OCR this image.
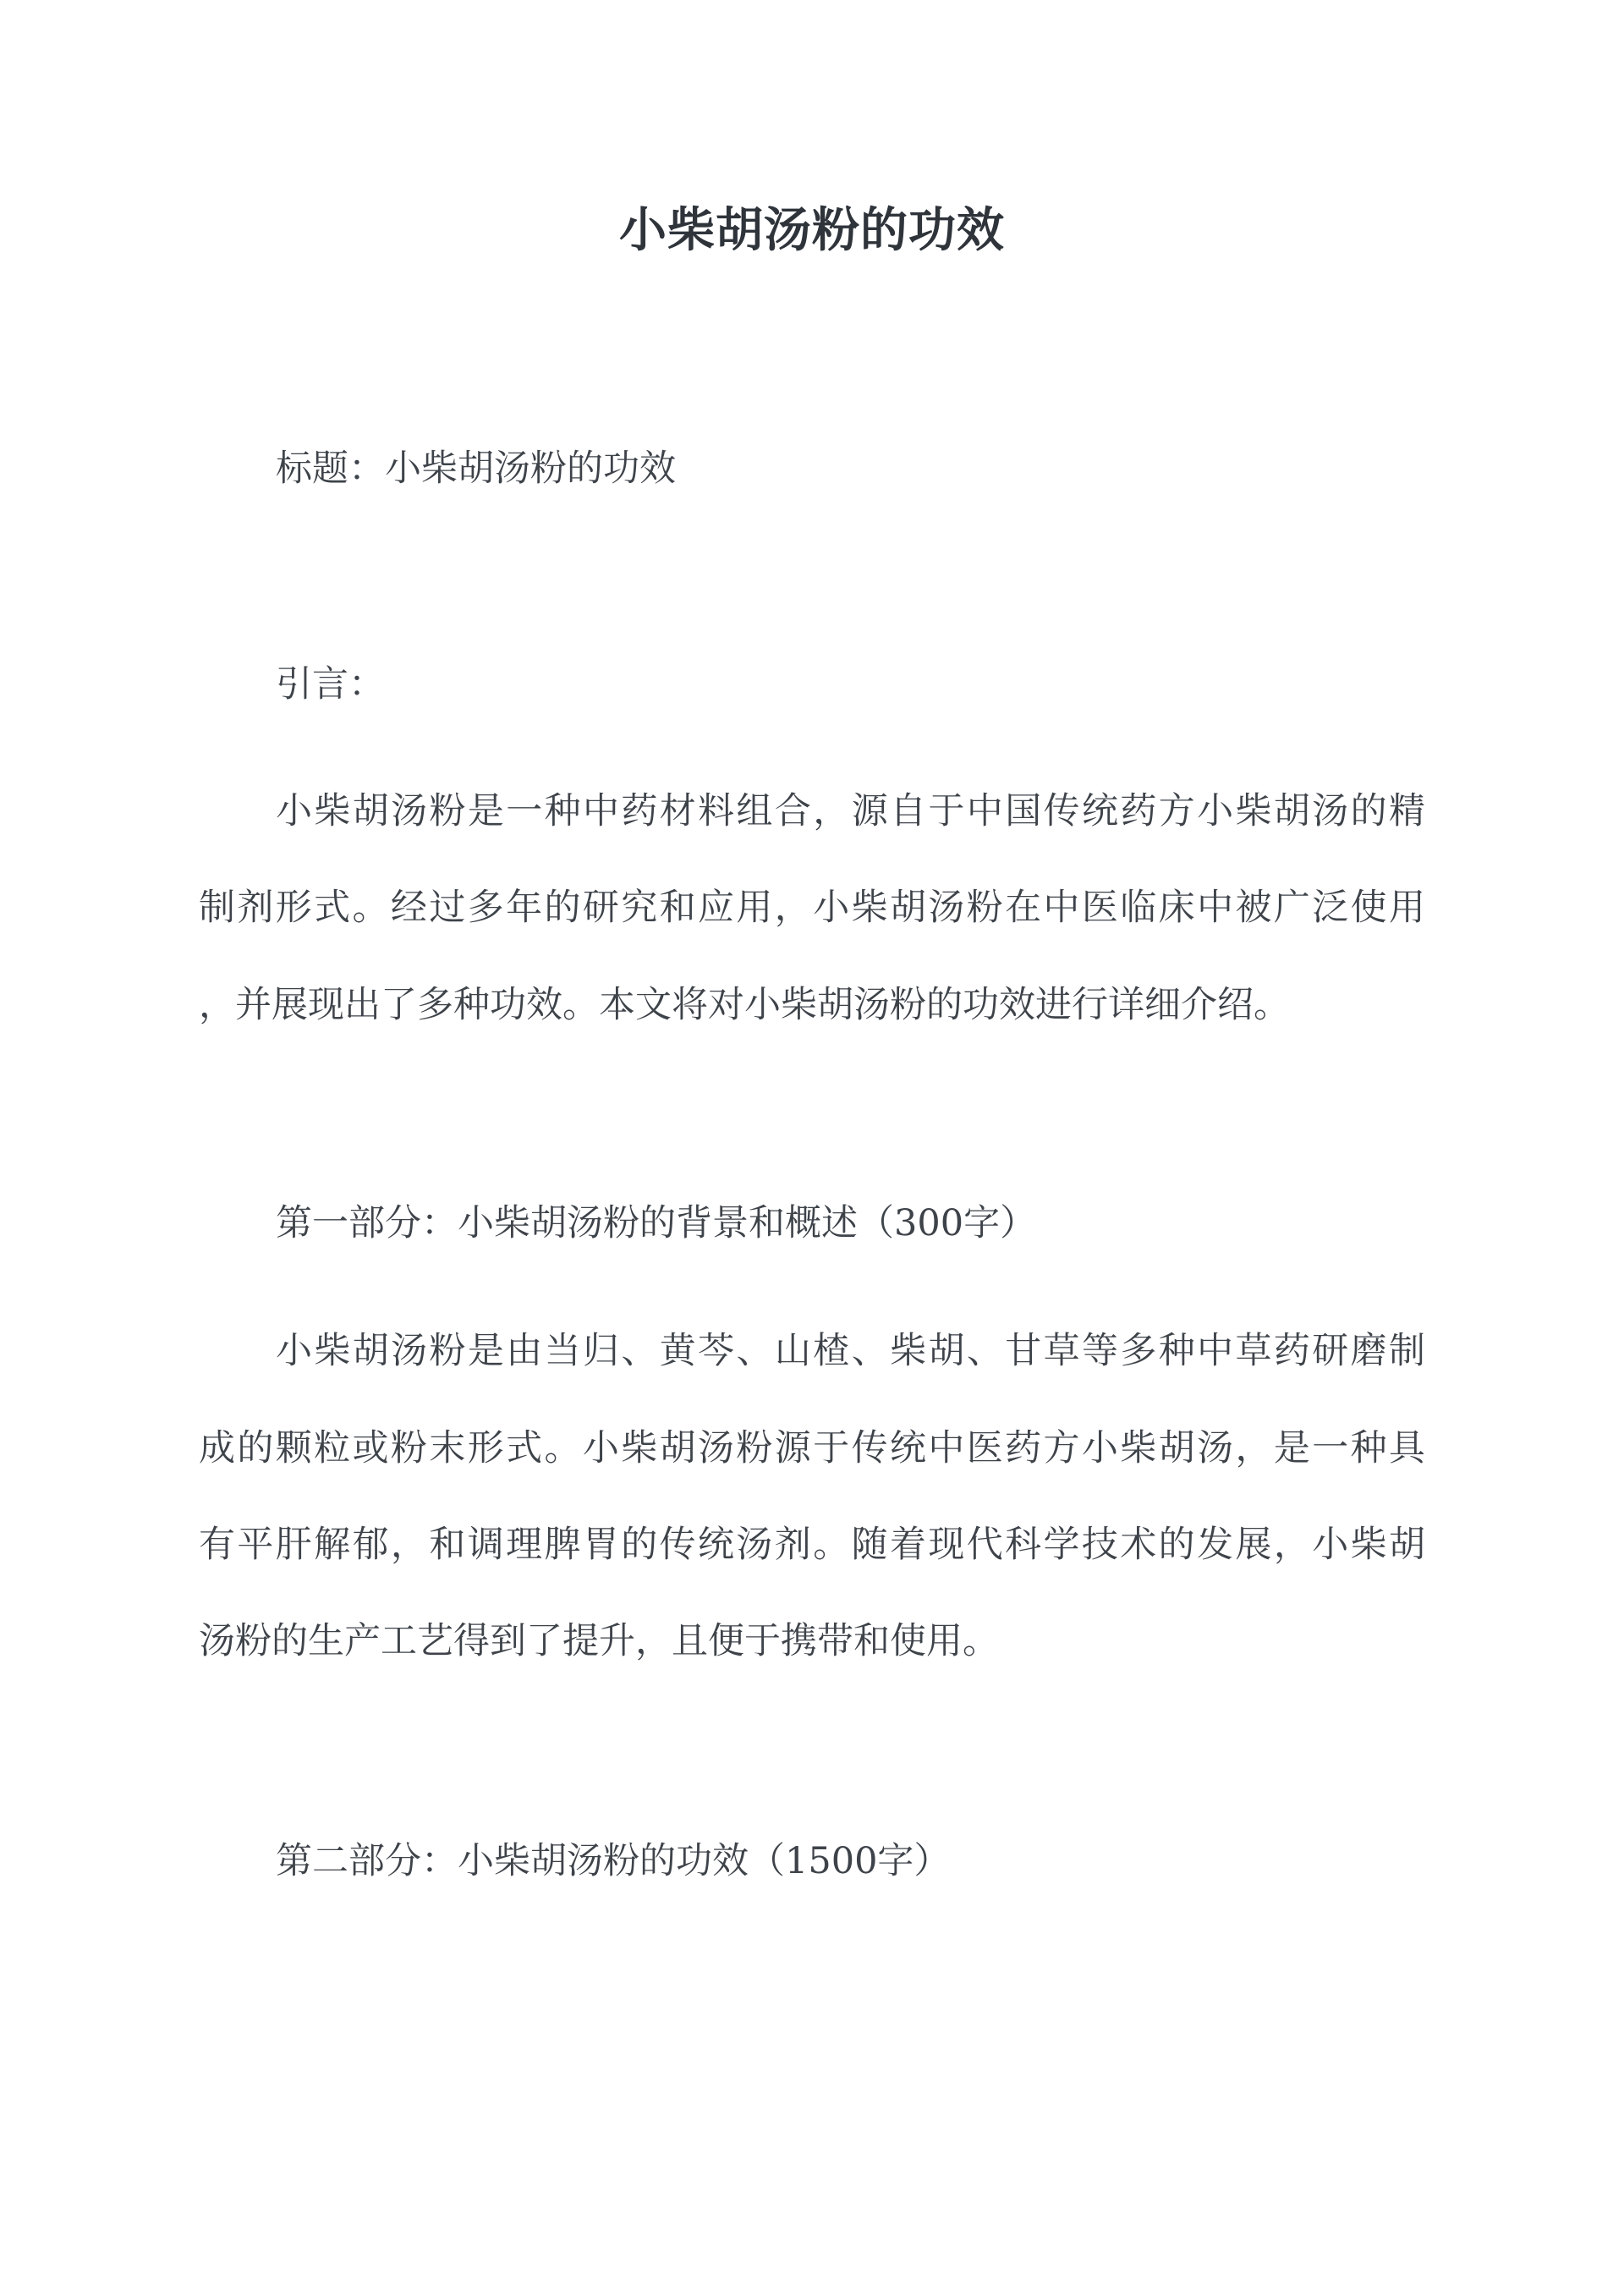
小柴胡汤粉的功效
标题：小柴胡汤粉的功效
引言：
小柴胡汤粉是一种中药材料组合，源自于中国传统药方小柴胡汤的精
制剂形式。经过多年的研究和应用，小柴胡汤粉在中医临床中被广泛使用
，并展现出了多种功效。本文将对小柴胡汤粉的功效进行详细介绍。
第一部分：小柴胡汤粉的背景和概述（300字）
小柴胡汤粉是由当归、黄芩、山楂、柴胡、甘草等多种中草药研磨制
成的颗粒或粉末形式。小柴胡汤粉源于传统中医药方小柴胡汤，是一种具
有平肝解郁，和调理脾胃的传统汤剂。随着现代科学技术的发展，小柴胡
汤粉的生产工艺得到了提升，且便于携带和使用。
第二部分：小柴胡汤粉的功效（1500字）
